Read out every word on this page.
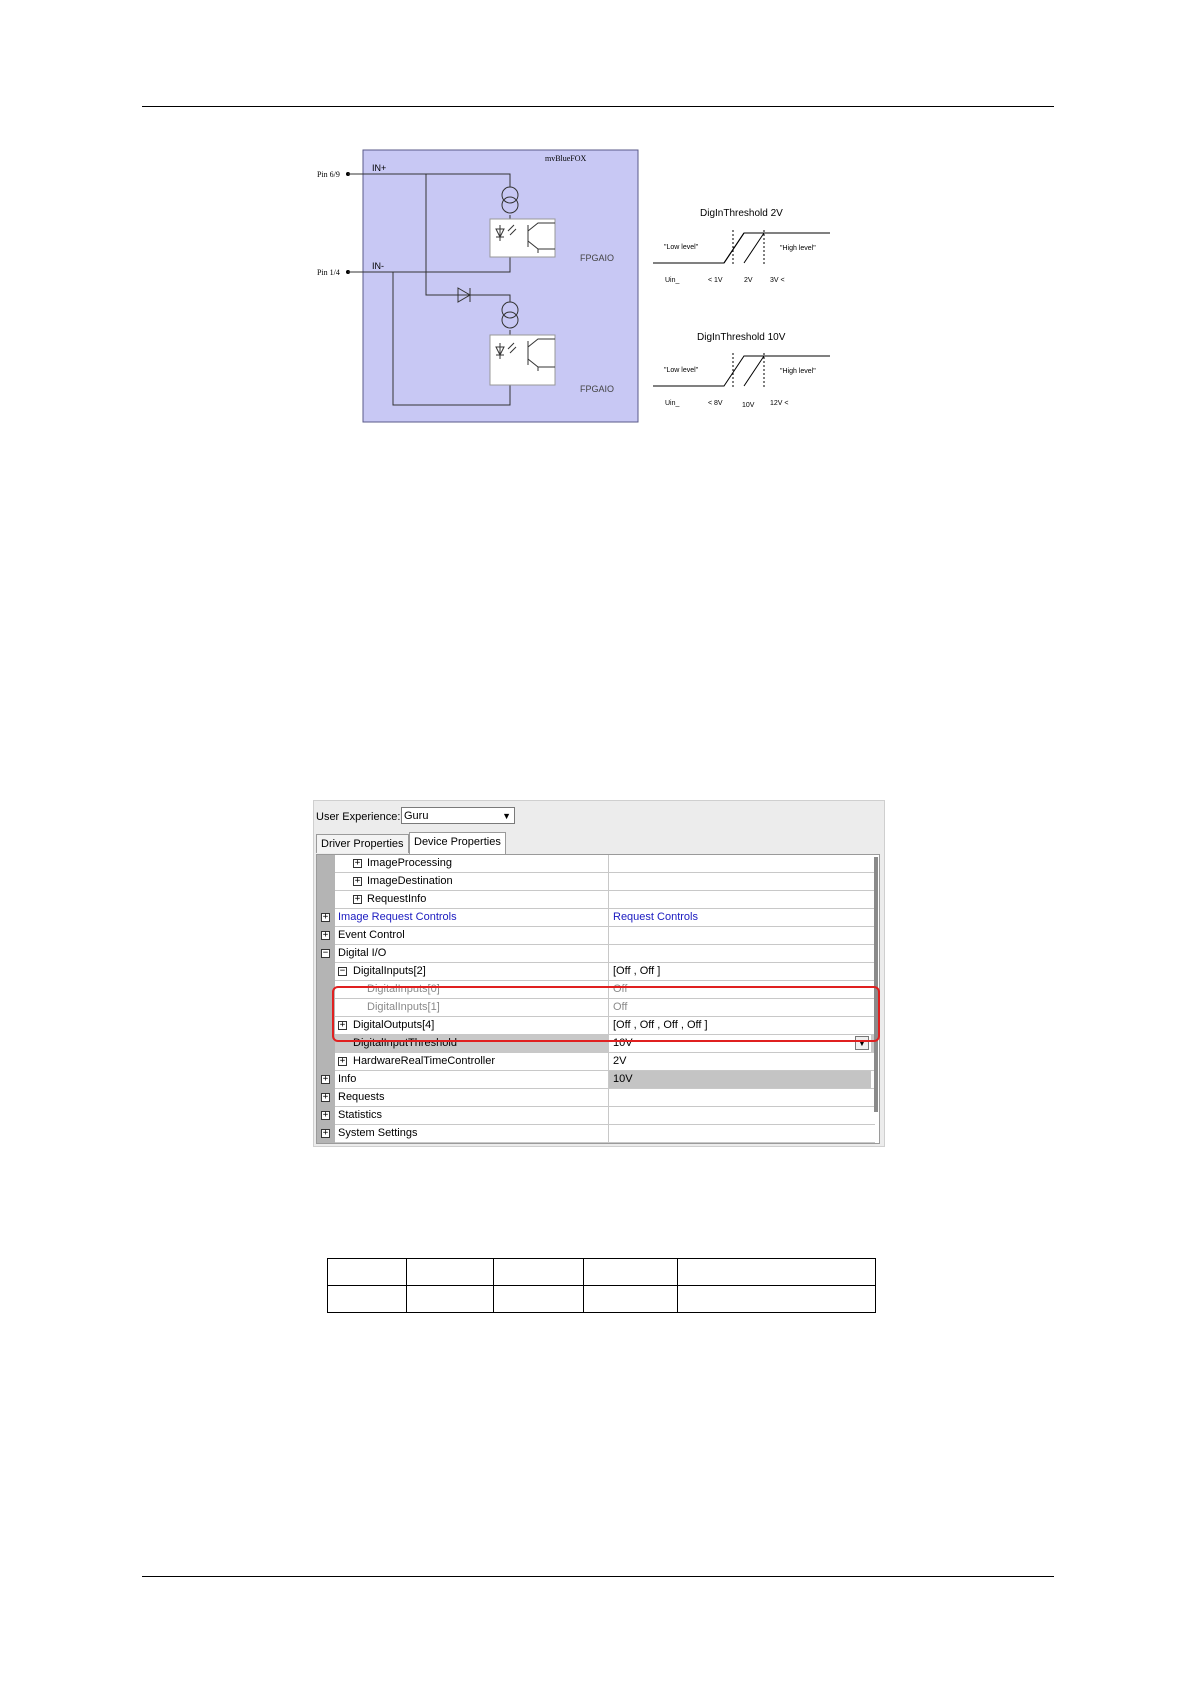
mvBlueFOX
IN+
IN-
Pin 6/9
Pin 1/4
FPGAIO
FPGAIO
DigInThreshold 2V
"Low level"	"High level"
Uin_	< 1V	2V 3V <
DigInThreshold 10V
"Low level"	"High level"
Uin_	< 8V	10V 12V <
User Experience: Guru	▼
Driver Properties Device Properties
+ ImageProcessing
+ ImageDestination
+ RequestInfo
+ Image Request Controls	Request Controls
+ Event Control
− Digital I/O
− DigitalInputs[2]	[Off , Off ]
DigitalInputs[0]	Off
DigitalInputs[1]	Off
+ DigitalOutputs[4]	[Off , Off , Off , Off ]
DigitalInputThreshold	10V	▼
+ HardwareRealTimeController	2V
+ Info	10V
+ Requests
+ Statistics
+ System Settings
